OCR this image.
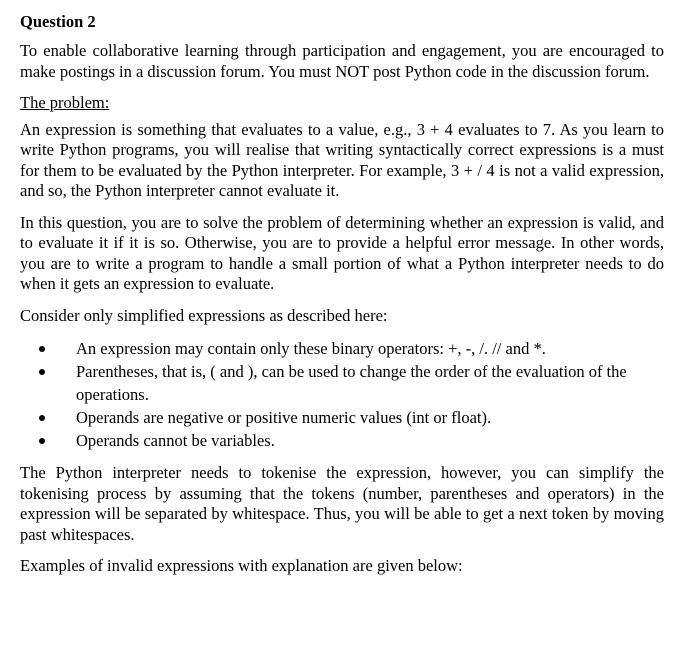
Question 2

To enable collaborative learning through participation and engagement, you are encouraged to make postings in a discussion forum. You must NOT post Python code in the discussion forum.

The problem:

An expression is something that evaluates to a value, e.g., 3 + 4 evaluates to 7. As you learn to write Python programs, you will realise that writing syntactically correct expressions is a must for them to be evaluated by the Python interpreter. For example, 3 + / 4 is not a valid expression, and so, the Python interpreter cannot evaluate it.

In this question, you are to solve the problem of determining whether an expression is valid, and to evaluate it if it is so. Otherwise, you are to provide a helpful error message. In other words, you are to write a program to handle a small portion of what a Python interpreter needs to do when it gets an expression to evaluate.

Consider only simplified expressions as described here:

An expression may contain only these binary operators: +, -, /. // and *.
Parentheses, that is, ( and ), can be used to change the order of the evaluation of the operations.
Operands are negative or positive numeric values (int or float).
Operands cannot be variables.

The Python interpreter needs to tokenise the expression, however, you can simplify the tokenising process by assuming that the tokens (number, parentheses and operators) in the expression will be separated by whitespace. Thus, you will be able to get a next token by moving past whitespaces.

Examples of invalid expressions with explanation are given below:
